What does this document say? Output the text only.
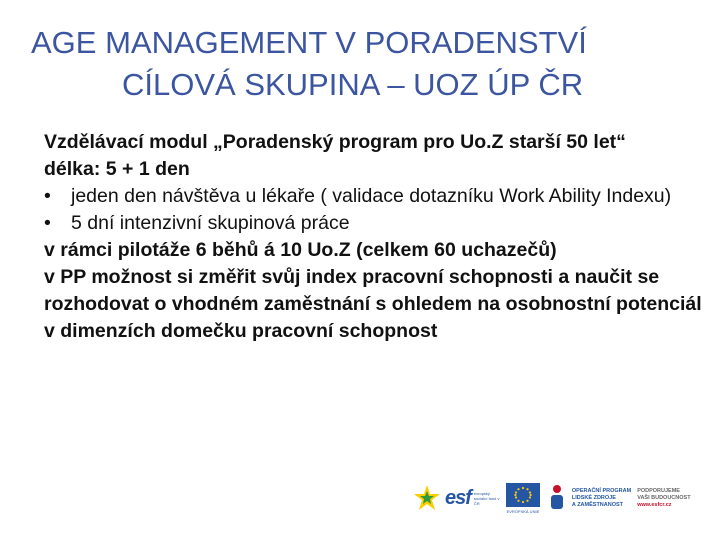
AGE MANAGEMENT V PORADENSTVÍ
CÍLOVÁ SKUPINA – UOZ ÚP ČR

Vzdělávací modul „Poradenský program pro Uo.Z starší 50 let“

délka: 5 + 1 den

• jeden den návštěva u lékaře ( validace dotazníku Work Ability Indexu)

• 5 dní intenzivní skupinová práce

v rámci pilotáže 6 běhů á 10 Uo.Z (celkem 60 uchazečů)

v PP možnost si změřit svůj index pracovní schopnosti a naučit se rozhodovat o vhodném zaměstnání s ohledem na osobnostní potenciál v dimenzích domečku pracovní schopnost

esf evropský sociální fond v ČR
EVROPSKÁ UNIE
OPERAČNÍ PROGRAM
LIDSKÉ ZDROJE
A ZAMĚSTNANOST
PODPORUJEME
VAŠI BUDOUCNOST
www.esfcr.cz
